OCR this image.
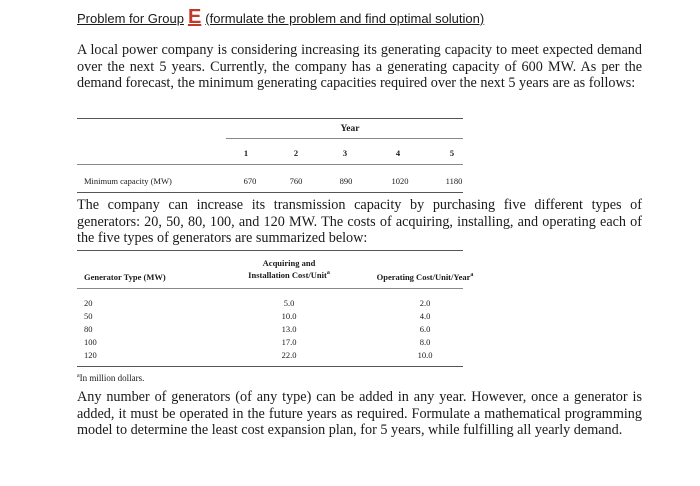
Problem for Group E (formulate the problem and find optimal solution)

A local power company is considering increasing its generating capacity to meet expected demand over the next 5 years. Currently, the company has a generating capacity of 600 MW. As per the demand forecast, the minimum generating capacities required over the next 5 years are as follows:

Year
1	2	3	4	5
Minimum capacity (MW)	670	760	890	1020	1180

The company can increase its transmission capacity by purchasing five different types of generators: 20, 50, 80, 100, and 120 MW. The costs of acquiring, installing, and operating each of the five types of generators are summarized below:

Acquiring and
Generator Type (MW)	Installation Cost/Unit$^a$	Operating Cost/Unit/Year$^a$
20	5.0	2.0
50	10.0	4.0
80	13.0	6.0
100	17.0	8.0
120	22.0	10.0
$^a$In million dollars.

Any number of generators (of any type) can be added in any year. However, once a generator is added, it must be operated in the future years as required. Formulate a mathematical programming model to determine the least cost expansion plan, for 5 years, while fulfilling all yearly demand.
